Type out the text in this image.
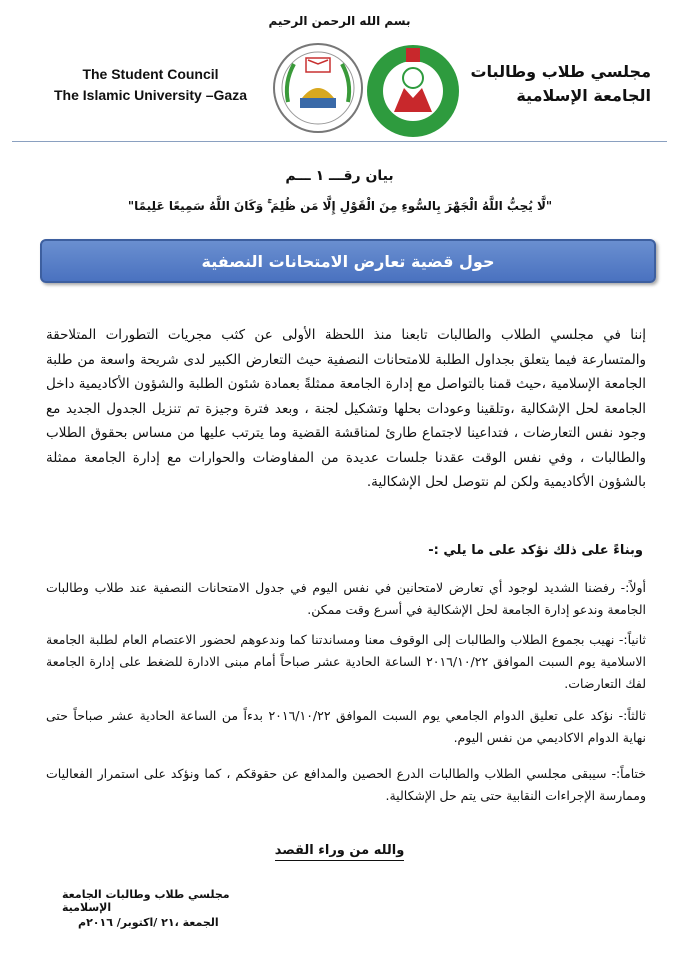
بسم الله الرحمن الرحيم
The Student Council
The Islamic University –Gaza
مجلسي طلاب وطالبات
الجامعة الإسلامية
بيان رقـــ ١ ـــم
"لَّا يُحِبُّ اللَّهُ الْجَهْرَ بِالسُّوءِ مِنَ الْقَوْلِ إِلَّا مَن ظُلِمَ ۚ وَكَانَ اللَّهُ سَمِيعًا عَلِيمًا"
حول قضية تعارض الامتحانات النصفية

إننا في مجلسي الطلاب والطالبات تابعنا منذ اللحظة الأولى عن كثب مجريات التطورات المتلاحقة والمتسارعة فيما يتعلق بجداول الطلبة للامتحانات النصفية حيث التعارض الكبير لدى شريحة واسعة من طلبة الجامعة الإسلامية ،حيث قمنا بالتواصل مع إدارة الجامعة ممثلةً بعمادة شئون الطلبة والشؤون الأكاديمية داخل الجامعة لحل الإشكالية ،وتلقينا وعودات بحلها وتشكيل لجنة ، وبعد فترة وجيزة تم تنزيل الجدول الجديد مع وجود نفس التعارضات ، فتداعينا لاجتماع طارئ لمناقشة القضية وما يترتب عليها من مساس بحقوق الطلاب والطالبات ، وفي نفس الوقت عقدنا جلسات عديدة من المفاوضات والحوارات مع إدارة الجامعة ممثلة بالشؤون الأكاديمية ولكن لم نتوصل لحل الإشكالية.

وبناءً على ذلك نؤكد على ما يلي :-

أولاً:- رفضنا الشديد لوجود أي تعارض لامتحانين في نفس اليوم في جدول الامتحانات النصفية عند طلاب وطالبات الجامعة وندعو إدارة الجامعة لحل الإشكالية في أسرع وقت ممكن.

ثانياً:- نهيب بجموع الطلاب والطالبات إلى الوقوف معنا ومساندتنا كما وندعوهم لحضور الاعتصام العام لطلبة الجامعة الاسلامية يوم السبت الموافق ٢٠١٦/١٠/٢٢ الساعة الحادية عشر صباحاً أمام مبنى الادارة للضغط على إدارة الجامعة لفك التعارضات.

ثالثاً:- نؤكد على تعليق الدوام الجامعي يوم السبت الموافق ٢٠١٦/١٠/٢٢ بدءاً من الساعة الحادية عشر صباحاً حتى نهاية الدوام الاكاديمي من نفس اليوم.

ختاماً:- سيبقى مجلسي الطلاب والطالبات الدرع الحصين والمدافع عن حقوقكم ، كما ونؤكد على استمرار الفعاليات وممارسة الإجراءات النقابية حتى يتم حل الإشكالية.

والله من وراء القصد
مجلسي طلاب وطالبات الجامعة الإسلامية
الجمعة ،٢١ /اكتوبر/ ٢٠١٦م
